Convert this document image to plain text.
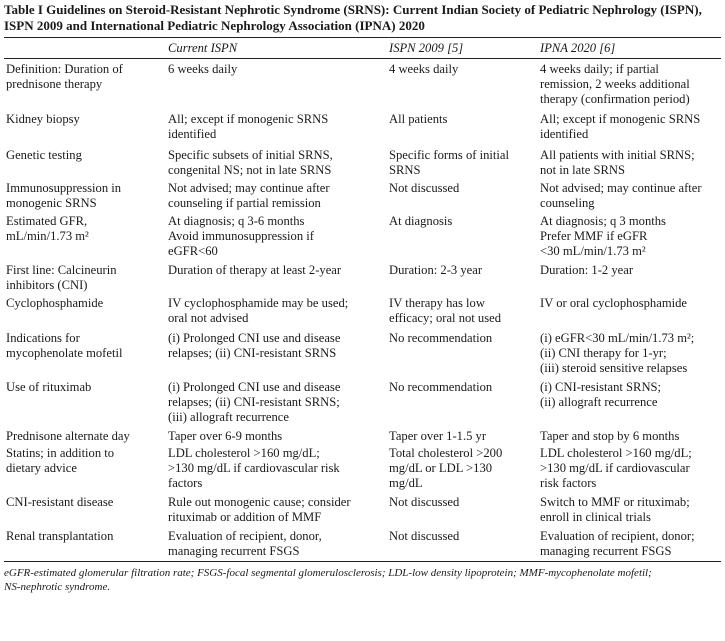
Table I Guidelines on Steroid-Resistant Nephrotic Syndrome (SRNS): Current Indian Society of Pediatric Nephrology (ISPN), ISPN 2009 and International Pediatric Nephrology Association (IPNA) 2020
	Current ISPN	ISPN 2009 [5]	IPNA 2020 [6]

Definition: Duration of
prednisone therapy	6 weeks daily	4 weeks daily	4 weeks daily; if partial
remission, 2 weeks additional
therapy (confirmation period)

Kidney biopsy	All; except if monogenic SRNS
identified	All patients	All; except if monogenic SRNS
identified

Genetic testing	Specific subsets of initial SRNS,
congenital NS; not in late SRNS	Specific forms of initial
SRNS	All patients with initial SRNS;
not in late SRNS

Immunosuppression in
monogenic SRNS	Not advised; may continue after
counseling if partial remission	Not discussed	Not advised; may continue after
counseling

Estimated GFR,
mL/min/1.73 m²	At diagnosis; q 3-6 months
Avoid immunosuppression if
eGFR<60	At diagnosis	At diagnosis; q 3 months
Prefer MMF if eGFR
<30 mL/min/1.73 m²

First line: Calcineurin
inhibitors (CNI)	Duration of therapy at least 2-year	Duration: 2-3 year	Duration: 1-2 year

Cyclophosphamide	IV cyclophosphamide may be used;
oral not advised	IV therapy has low
efficacy; oral not used	IV or oral cyclophosphamide

Indications for
mycophenolate mofetil	(i) Prolonged CNI use and disease
relapses; (ii) CNI-resistant SRNS	No recommendation	(i) eGFR<30 mL/min/1.73 m²;
(ii) CNI therapy for 1-yr;
(iii) steroid sensitive relapses

Use of rituximab	(i) Prolonged CNI use and disease
relapses; (ii) CNI-resistant SRNS;
(iii) allograft recurrence	No recommendation	(i) CNI-resistant SRNS;
(ii) allograft recurrence

Prednisone alternate day	Taper over 6-9 months	Taper over 1-1.5 yr	Taper and stop by 6 months

Statins; in addition to
dietary advice	LDL cholesterol >160 mg/dL;
>130 mg/dL if cardiovascular risk
factors	Total cholesterol >200
mg/dL or LDL >130
mg/dL	LDL cholesterol >160 mg/dL;
>130 mg/dL if cardiovascular
risk factors

CNI-resistant disease	Rule out monogenic cause; consider
rituximab or addition of MMF	Not discussed	Switch to MMF or rituximab;
enroll in clinical trials

Renal transplantation	Evaluation of recipient, donor,
managing recurrent FSGS	Not discussed	Evaluation of recipient, donor;
managing recurrent FSGS
eGFR-estimated glomerular filtration rate; FSGS-focal segmental glomerulosclerosis; LDL-low density lipoprotein; MMF-mycophenolate mofetil;
NS-nephrotic syndrome.
